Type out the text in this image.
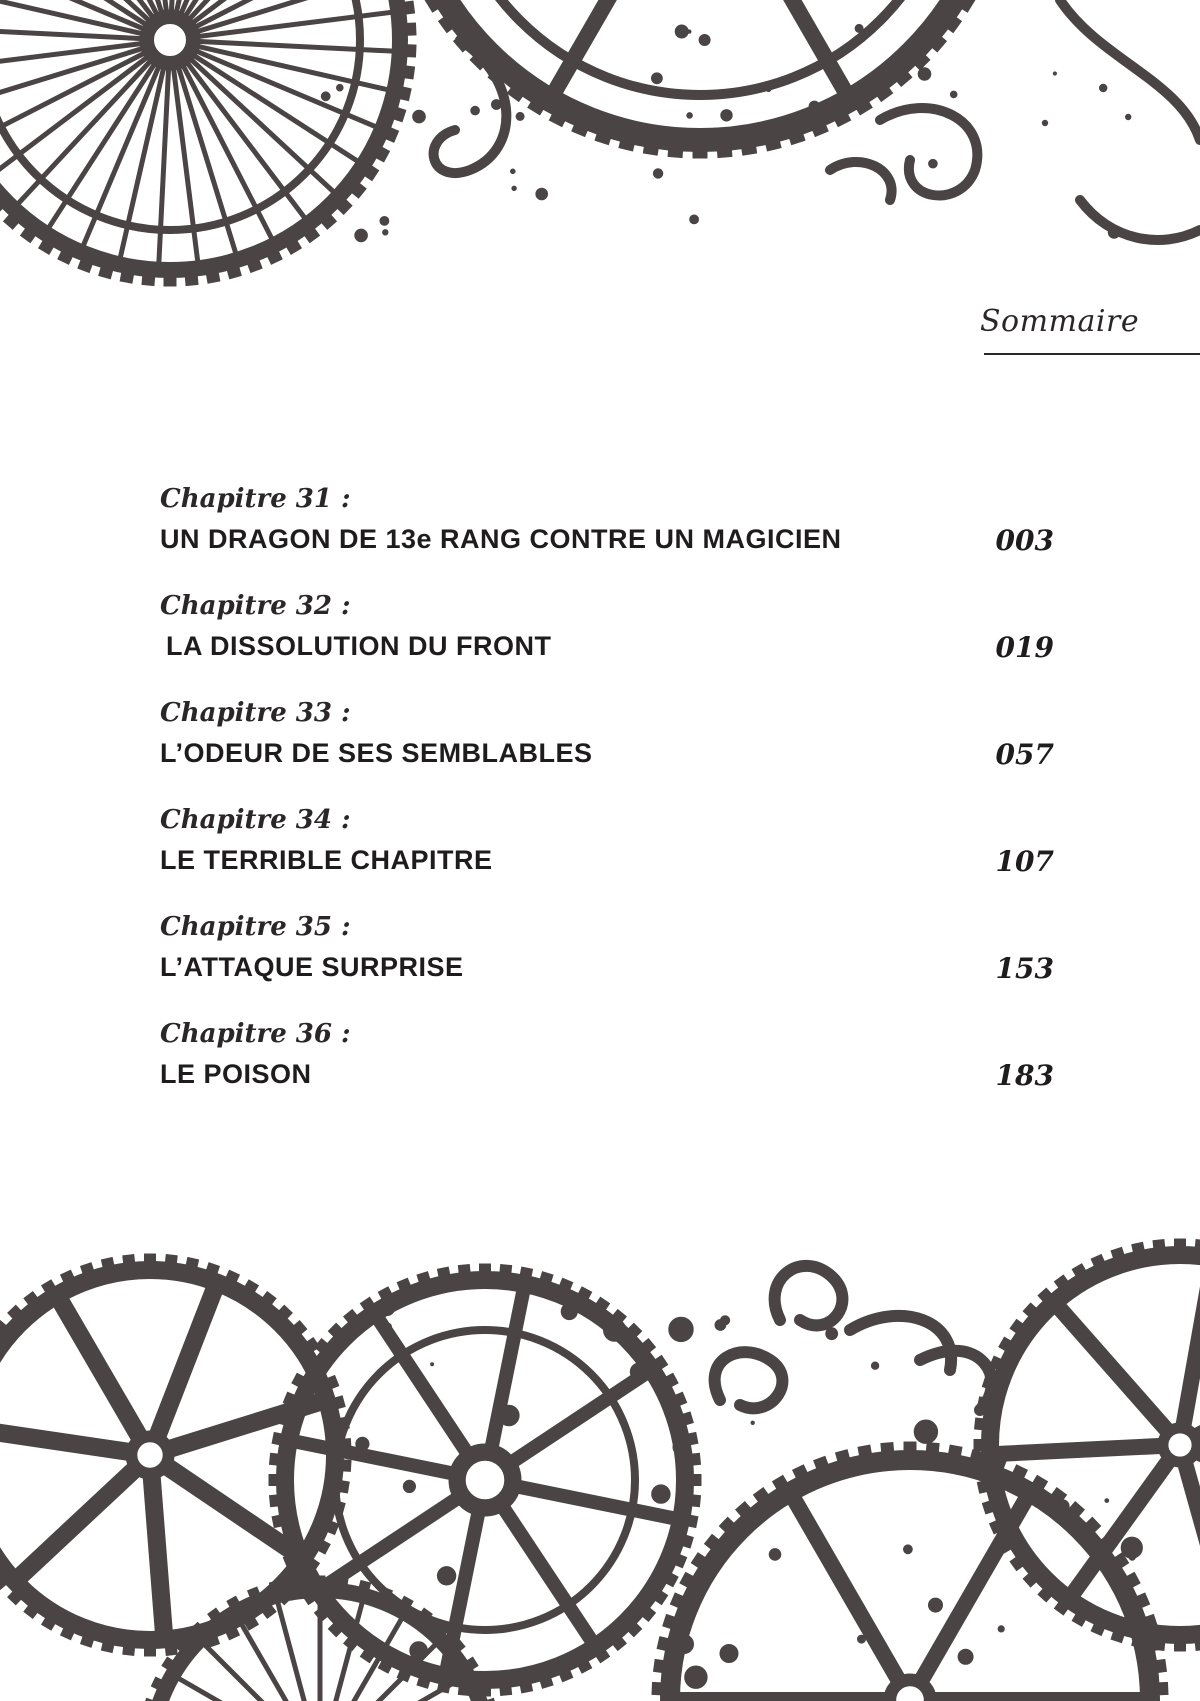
Sommaire
Chapitre 31 :
UN DRAGON DE 13e RANG CONTRE UN MAGICIEN	003
Chapitre 32 :
LA DISSOLUTION DU FRONT	019
Chapitre 33 :
L’ODEUR DE SES SEMBLABLES	057
Chapitre 34 :
LE TERRIBLE CHAPITRE	107
Chapitre 35 :
L’ATTAQUE SURPRISE	153
Chapitre 36 :
LE POISON	183
